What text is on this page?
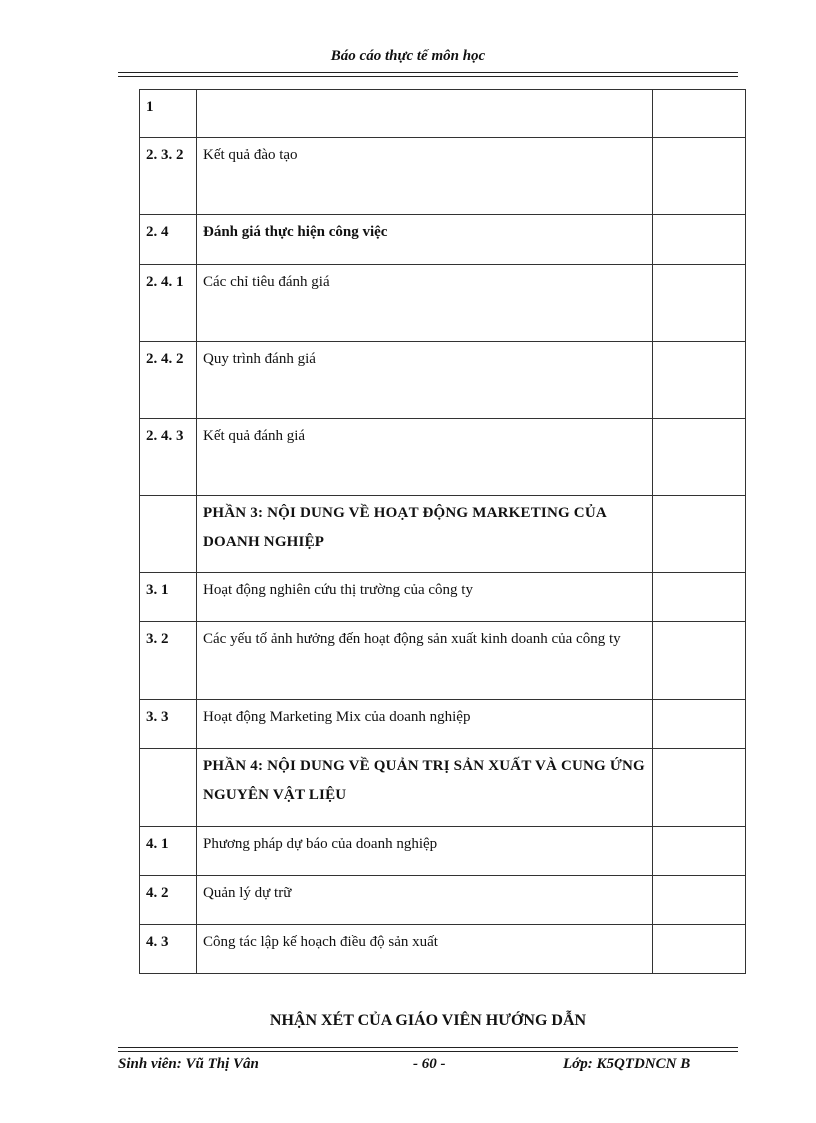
Báo cáo thực tế môn học
1		
2. 3. 2	Kết quả đào tạo	
2. 4	Đánh giá thực hiện công việc	
2. 4. 1	Các chỉ tiêu đánh giá	
2. 4. 2	Quy trình đánh giá	
2. 4. 3	Kết quả đánh giá	
	PHẦN 3: NỘI DUNG VỀ HOẠT ĐỘNG MARKETING CỦA DOANH NGHIỆP	
3. 1	Hoạt động nghiên cứu thị trường của công ty	
3. 2	Các yếu tố ảnh hưởng đến hoạt động sản xuất kinh doanh của công ty	
3. 3	Hoạt động Marketing Mix của doanh nghiệp	
	PHẦN 4: NỘI DUNG VỀ QUẢN TRỊ SẢN XUẤT VÀ CUNG ỨNG NGUYÊN VẬT LIỆU	
4. 1	Phương pháp dự báo của doanh nghiệp	
4. 2	Quản lý dự trữ	
4. 3	Công tác lập kế hoạch điều độ sản xuất	
NHẬN XÉT CỦA GIÁO VIÊN HƯỚNG DẪN
Sinh viên: Vũ Thị Vân	- 60 -	Lớp: K5QTDNCN B
